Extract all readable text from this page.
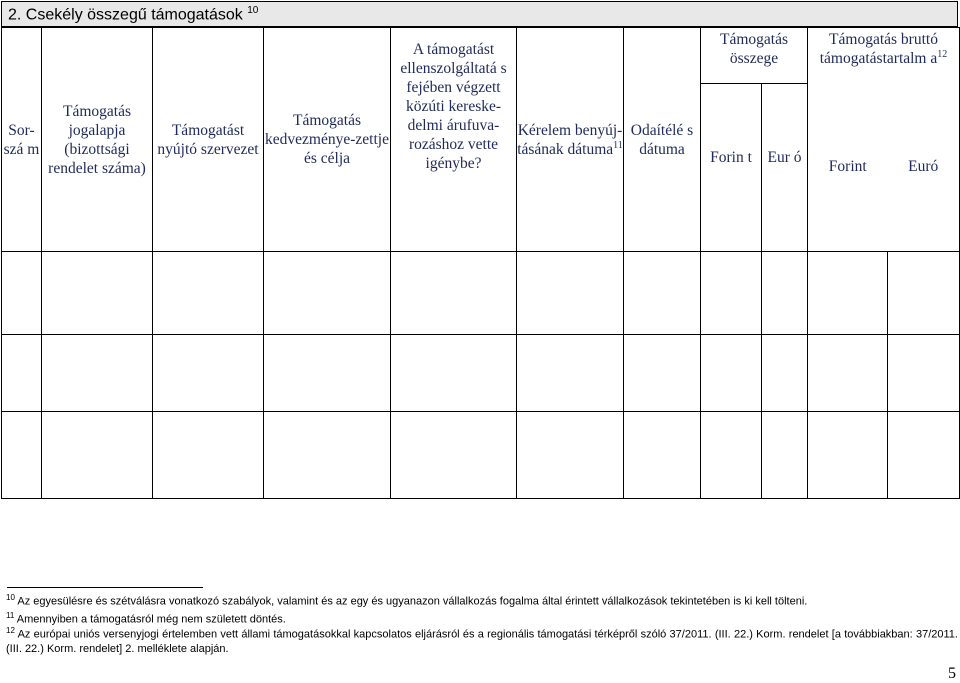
2. Csekély összegű támogatások $^{10}$
Sor-szá m	Támogatás jogalapja (bizottsági rendelet száma)	Támogatást nyújtó szervezet	Támogatás kedvezménye-zettje és célja	A támogatást ellenszolgáltatá s fejében végzett közúti kereske-delmi árufuva-rozáshoz vette igénybe?	Kérelem benyúj-tásának dátuma$^{11}$	Odaítélé s dátuma	Támogatás összege		Támogatás bruttó támogatástartalm $a^{12}$
							Forin t	Eur ó	Forint	Euró

$^{10}$ Az egyesülésre és szétválásra vonatkozó szabályok, valamint és az egy és ugyanazon vállalkozás fogalma által érintett vállalkozások tekintetében is ki kell tölteni.
$^{11}$ Amennyiben a támogatásról még nem született döntés.
$^{12}$ Az európai uniós versenyjogi értelemben vett állami támogatásokkal kapcsolatos eljárásról és a regionális támogatási térképről szóló 37/2011. (III. 22.) Korm. rendelet [a továbbiakban: 37/2011. (III. 22.) Korm. rendelet] 2. melléklete alapján.
5
